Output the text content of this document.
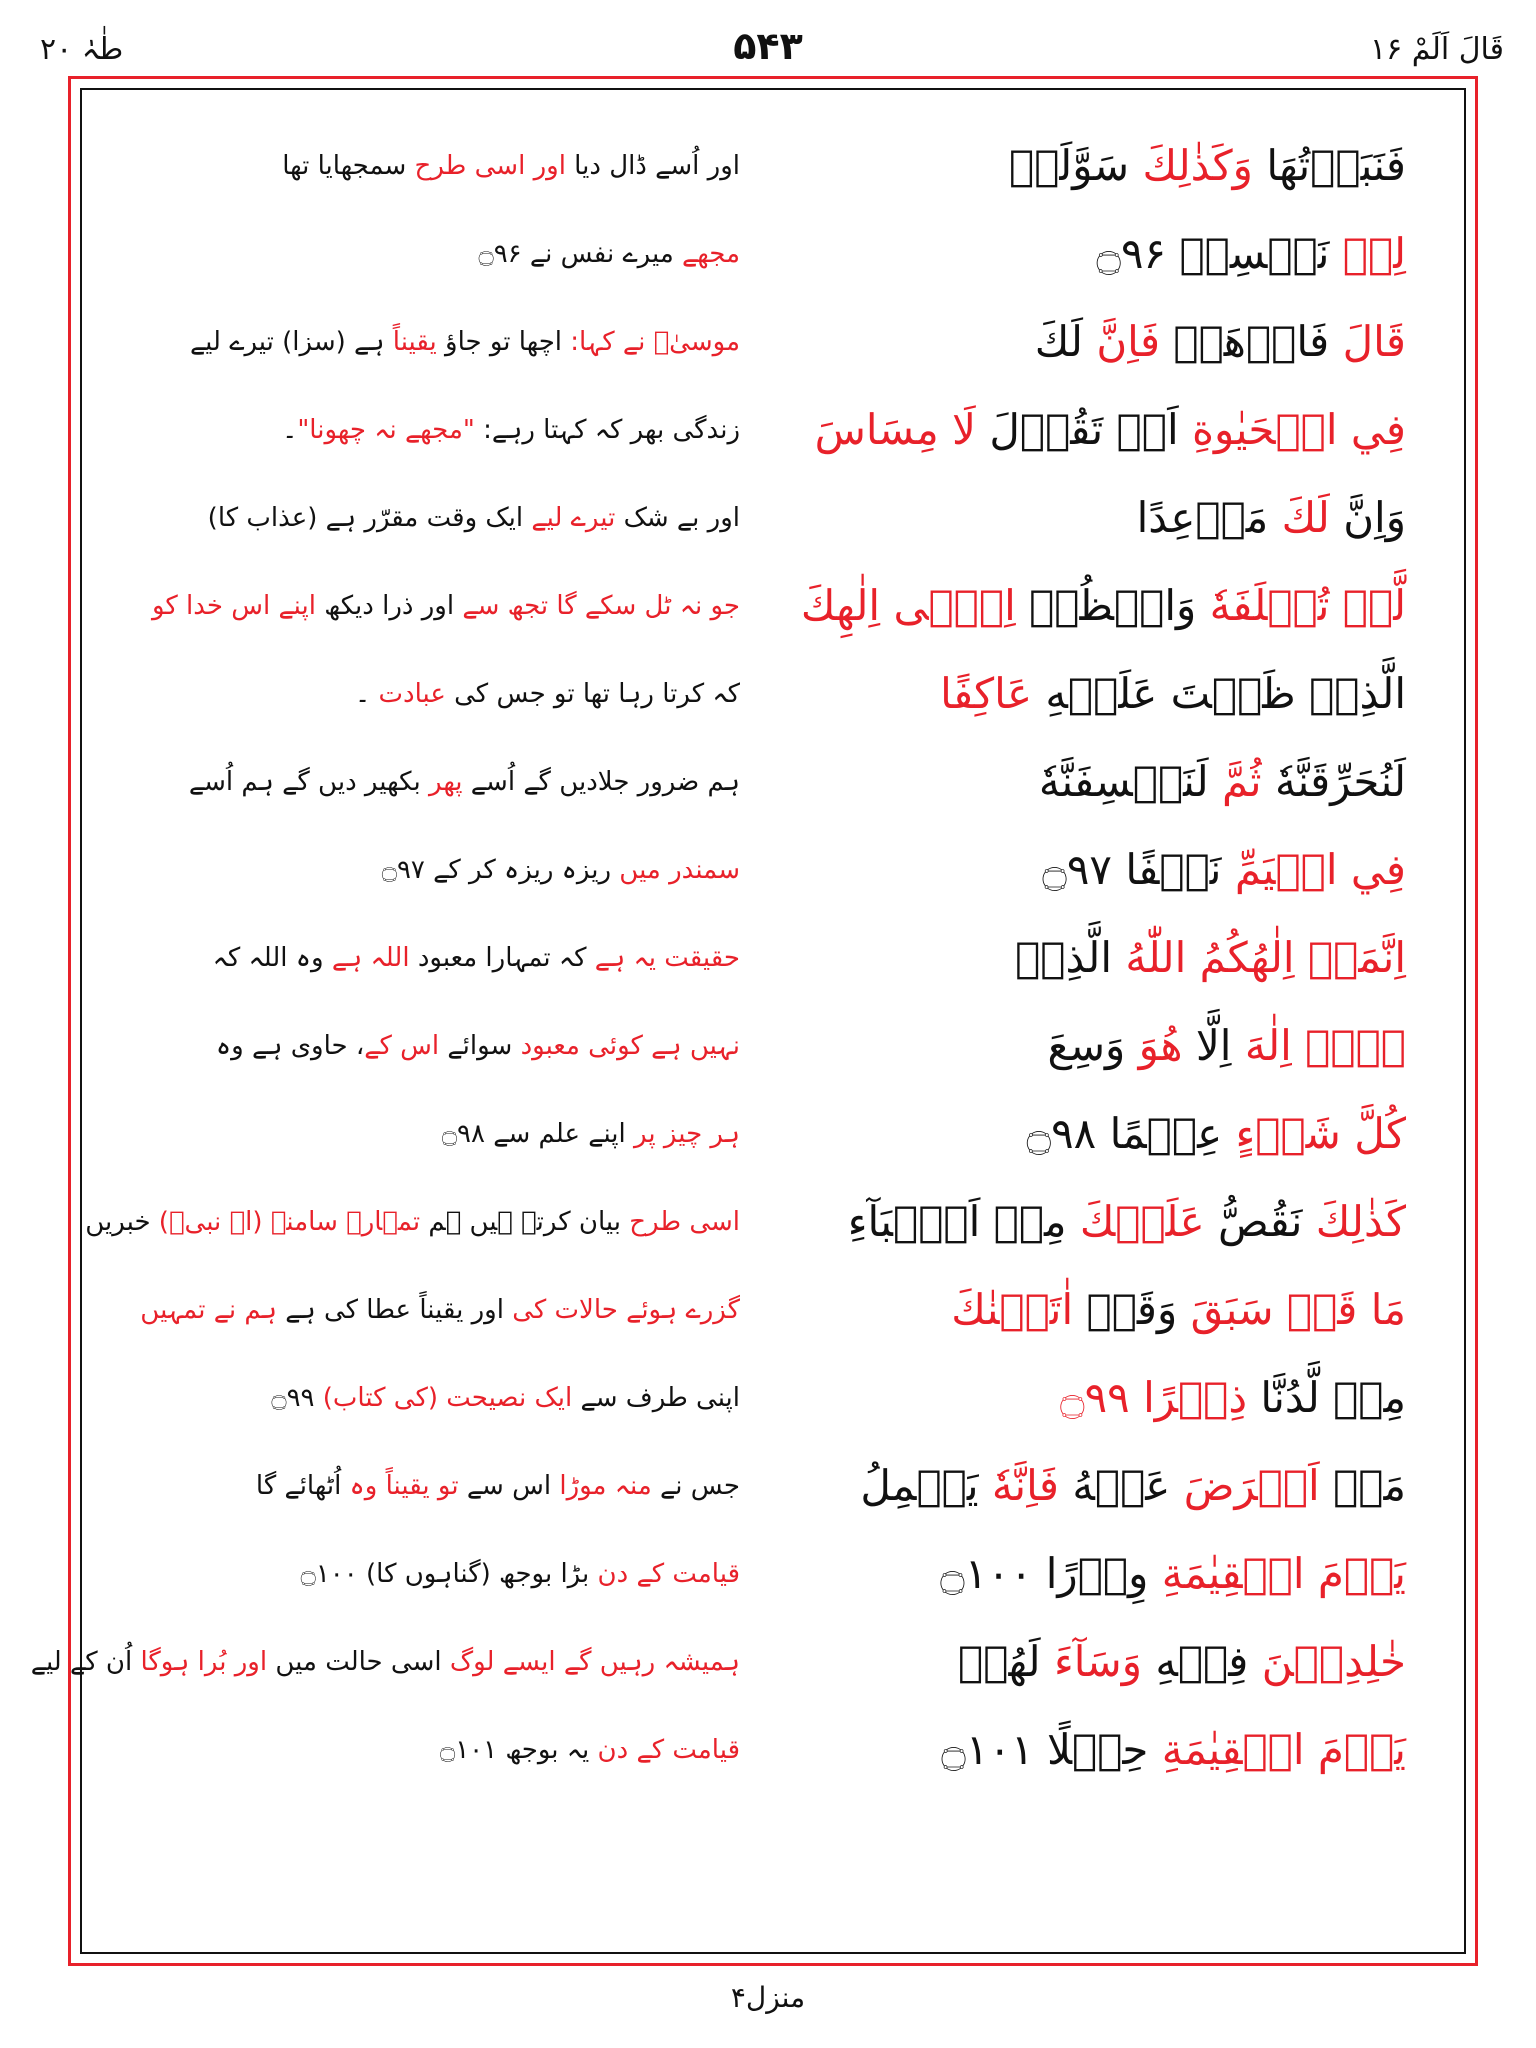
طٰہٰ ۲۰	۵۴۳	قَالَ اَلَمْ ۱۶
فَنَبَذۡتُهَا وَكَذٰلِكَ سَوَّلَتۡ
اور اُسے ڈال دیا اور اسی طرح سمجھایا تھا
لِيۡ نَفۡسِيۡ ۝۹۶
مجھے میرے نفس نے ۝۹۶
قَالَ فَاذۡهَبۡ فَاِنَّ لَكَ
موسیٰؑ نے کہا: اچھا تو جاؤ یقیناً ہے (سزا) تیرے لیے
فِي الۡحَيٰوةِ اَنۡ تَقُوۡلَ لَا مِسَاسَ
زندگی بھر کہ کہتا رہے: "مجھے نہ چھونا"۔
وَاِنَّ لَكَ مَوۡعِدًا
اور بے شک تیرے لیے ایک وقت مقرّر ہے (عذاب کا)
لَّنۡ تُخۡلَفَهٗ وَانۡظُرۡ اِلٰۤى اِلٰهِكَ
جو نہ ٹل سکے گا تجھ سے اور ذرا دیکھ اپنے اس خدا کو
الَّذِيۡ ظَلۡتَ عَلَيۡهِ عَاكِفًا
کہ کرتا رہا تھا تو جس کی عبادت ۔
لَنُحَرِّقَنَّهٗ ثُمَّ لَنَنۡسِفَنَّهٗ
ہم ضرور جلادیں گے اُسے پھر بکھیر دیں گے ہم اُسے
فِي الۡيَمِّ نَسۡفًا ۝۹۷
سمندر میں ریزہ ریزہ کر کے ۝۹۷
اِنَّمَاۤ اِلٰهُكُمُ اللّٰهُ الَّذِيۡ
حقیقت یہ ہے کہ تمہارا معبود اللہ ہے وہ اللہ کہ
لَاۤ اِلٰهَ اِلَّا هُوَ وَسِعَ
نہیں ہے کوئی معبود سوائے اس کے، حاوی ہے وہ
كُلَّ شَيۡءٍ عِلۡمًا ۝۹۸
ہر چیز پر اپنے علم سے ۝۹۸
كَذٰلِكَ نَقُصُّ عَلَيۡكَ مِنۡ اَنۡۢبَآءِ
اسی طرح بیان کرتے ہیں ہم تمہارے سامنے (اے نبیؐ) خبریں
مَا قَدۡ سَبَقَ وَقَدۡ اٰتَيۡنٰكَ
گزرے ہوئے حالات کی اور یقیناً عطا کی ہے ہم نے تمہیں
مِنۡ لَّدُنَّا ذِكۡرًا ۝۹۹
اپنی طرف سے ایک نصیحت (کی کتاب) ۝۹۹
مَنۡ اَعۡرَضَ عَنۡهُ فَاِنَّهٗ يَحۡمِلُ
جس نے منہ موڑا اس سے تو یقیناً وہ اُٹھائے گا
يَوۡمَ الۡقِيٰمَةِ وِزۡرًا ۝۱۰۰
قیامت کے دن بڑا بوجھ (گناہوں کا) ۝۱۰۰
خٰلِدِيۡنَ فِيۡهِ وَسَآءَ لَهُمۡ
ہمیشہ رہیں گے ایسے لوگ اسی حالت میں اور بُرا ہوگا اُن کے لیے
يَوۡمَ الۡقِيٰمَةِ حِمۡلًا ۝۱۰۱
قیامت کے دن یہ بوجھ ۝۱۰۱
منزل۴
